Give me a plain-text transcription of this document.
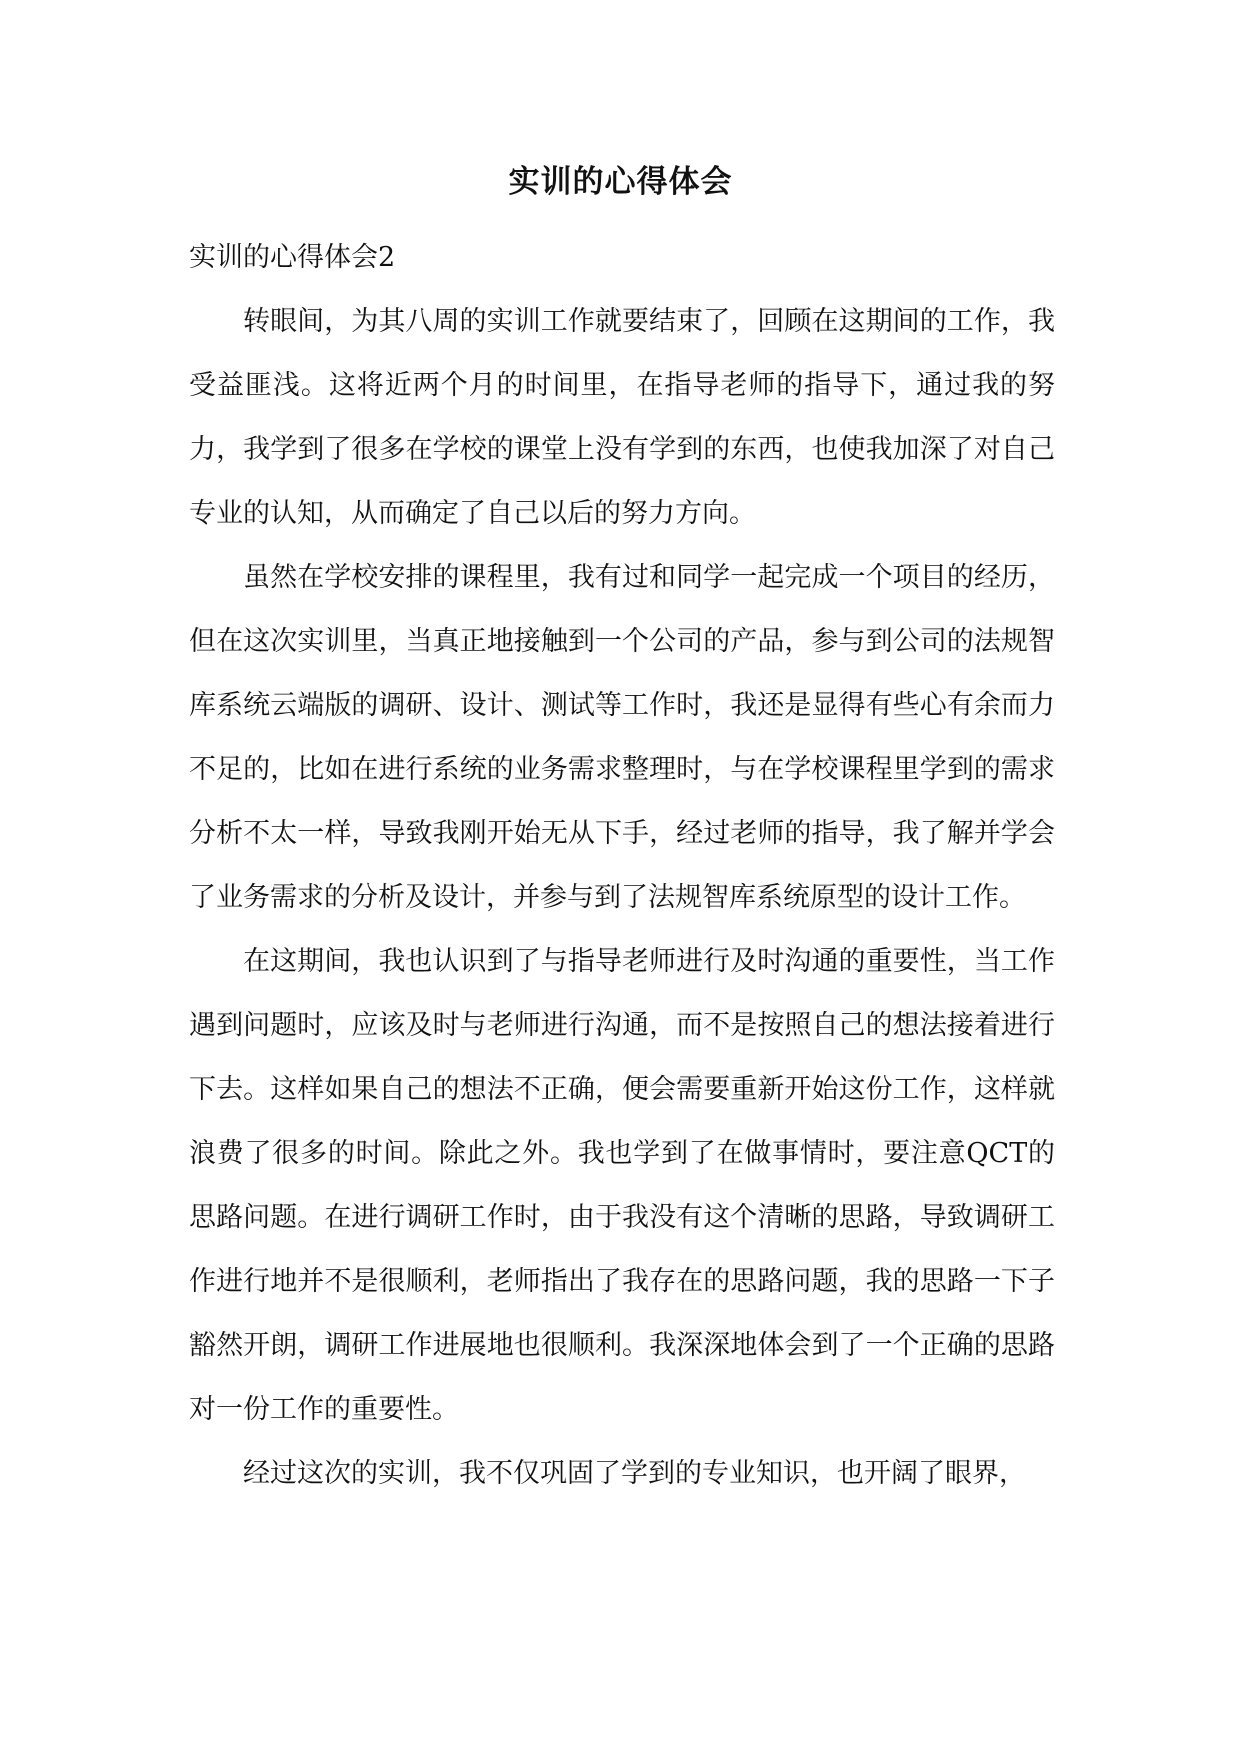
实训的心得体会

实训的心得体会2

转眼间，为其八周的实训工作就要结束了，回顾在这期间的工作，我受益匪浅。这将近两个月的时间里，在指导老师的指导下，通过我的努力，我学到了很多在学校的课堂上没有学到的东西，也使我加深了对自己专业的认知，从而确定了自己以后的努力方向。

虽然在学校安排的课程里，我有过和同学一起完成一个项目的经历，但在这次实训里，当真正地接触到一个公司的产品，参与到公司的法规智库系统云端版的调研、设计、测试等工作时，我还是显得有些心有余而力不足的，比如在进行系统的业务需求整理时，与在学校课程里学到的需求分析不太一样，导致我刚开始无从下手，经过老师的指导，我了解并学会了业务需求的分析及设计，并参与到了法规智库系统原型的设计工作。

在这期间，我也认识到了与指导老师进行及时沟通的重要性，当工作遇到问题时，应该及时与老师进行沟通，而不是按照自己的想法接着进行下去。这样如果自己的想法不正确，便会需要重新开始这份工作，这样就浪费了很多的时间。除此之外。我也学到了在做事情时，要注意QCT的思路问题。在进行调研工作时，由于我没有这个清晰的思路，导致调研工作进行地并不是很顺利，老师指出了我存在的思路问题，我的思路一下子豁然开朗，调研工作进展地也很顺利。我深深地体会到了一个正确的思路对一份工作的重要性。

经过这次的实训，我不仅巩固了学到的专业知识，也开阔了眼界，
